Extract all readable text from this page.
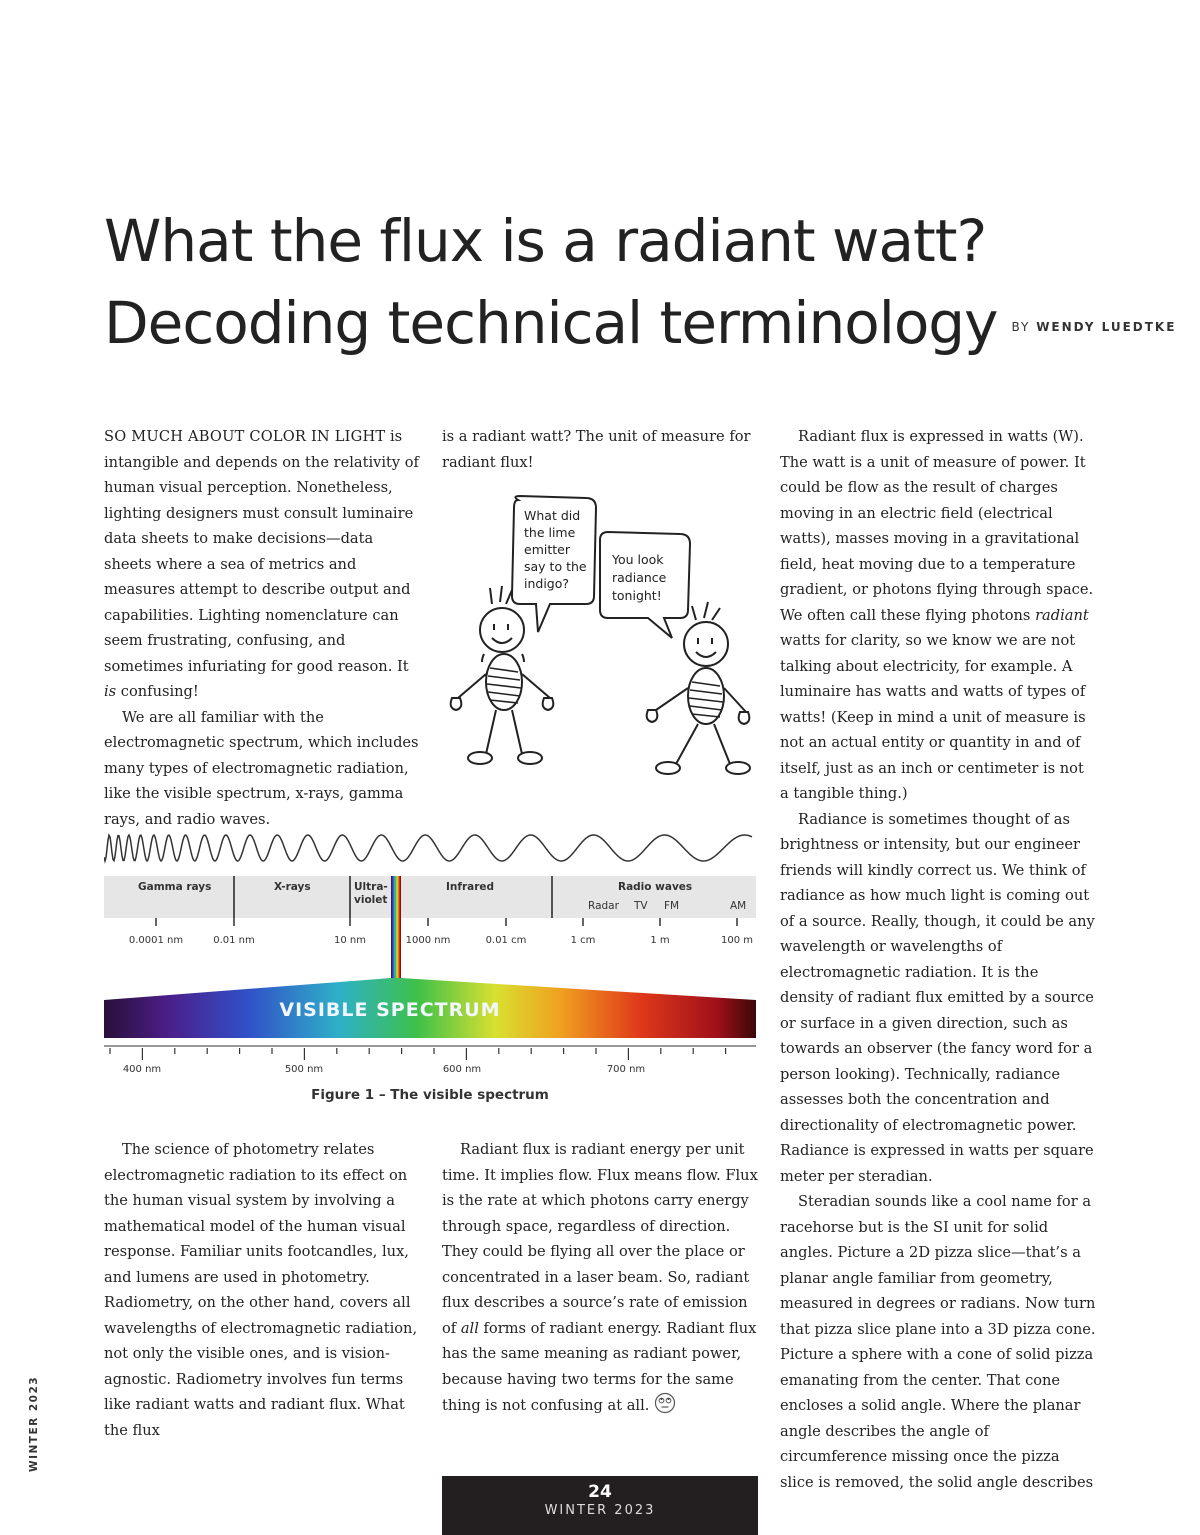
What the flux is a radiant watt?
Decoding technical terminology BY WENDY LUEDTKE

SO MUCH ABOUT COLOR IN LIGHT is intangible and depends on the relativity of human visual perception. Nonetheless, lighting designers must consult luminaire data sheets to make decisions—data sheets where a sea of metrics and measures attempt to describe output and capabilities. Lighting nomenclature can seem frustrating, confusing, and sometimes infuriating for good reason. It is confusing!

We are all familiar with the electromagnetic spectrum, which includes many types of electromagnetic radiation, like the visible spectrum, x-rays, gamma rays, and radio waves.

is a radiant watt? The unit of measure for radiant flux!

What did
the lime
emitter
say to the
indigo?
You look
radiance
tonight!
Gamma rays	X-rays	Ultra-
violet
Infrared	Radio waves
Radar TV FM	AM
0.0001 nm	0.01 nm	10 nm	1000 nm	0.01 cm	1 cm	1 m	100 m
VISIBLE SPECTRUM
400 nm	500 nm	600 nm	700 nm
Figure 1 – The visible spectrum

The science of photometry relates electromagnetic radiation to its effect on the human visual system by involving a mathematical model of the human visual response. Familiar units footcandles, lux, and lumens are used in photometry. Radiometry, on the other hand, covers all wavelengths of electromagnetic radiation, not only the visible ones, and is vision-agnostic. Radiometry involves fun terms like radiant watts and radiant flux. What the flux

Radiant flux is radiant energy per unit time. It implies flow. Flux means flow. Flux is the rate at which photons carry energy through space, regardless of direction. They could be flying all over the place or concentrated in a laser beam. So, radiant flux describes a source’s rate of emission of all forms of radiant energy. Radiant flux has the same meaning as radiant power, because having two terms for the same thing is not confusing at all.

Radiant flux is expressed in watts (W). The watt is a unit of measure of power. It could be flow as the result of charges moving in an electric field (electrical watts), masses moving in a gravitational field, heat moving due to a temperature gradient, or photons flying through space. We often call these flying photons radiant watts for clarity, so we know we are not talking about electricity, for example. A luminaire has watts and watts of types of watts! (Keep in mind a unit of measure is not an actual entity or quantity in and of itself, just as an inch or centimeter is not a tangible thing.)

Radiance is sometimes thought of as brightness or intensity, but our engineer friends will kindly correct us. We think of radiance as how much light is coming out of a source. Really, though, it could be any wavelength or wavelengths of electromagnetic radiation. It is the density of radiant flux emitted by a source or surface in a given direction, such as towards an observer (the fancy word for a person looking). Technically, radiance assesses both the concentration and directionality of electromagnetic power. Radiance is expressed in watts per square meter per steradian.

Steradian sounds like a cool name for a racehorse but is the SI unit for solid angles. Picture a 2D pizza slice—that’s a planar angle familiar from geometry, measured in degrees or radians. Now turn that pizza slice plane into a 3D pizza cone. Picture a sphere with a cone of solid pizza emanating from the center. That cone encloses a solid angle. Where the planar angle describes the angle of circumference missing once the pizza slice is removed, the solid angle describes

WINTER 2023
24
WINTER 2023
